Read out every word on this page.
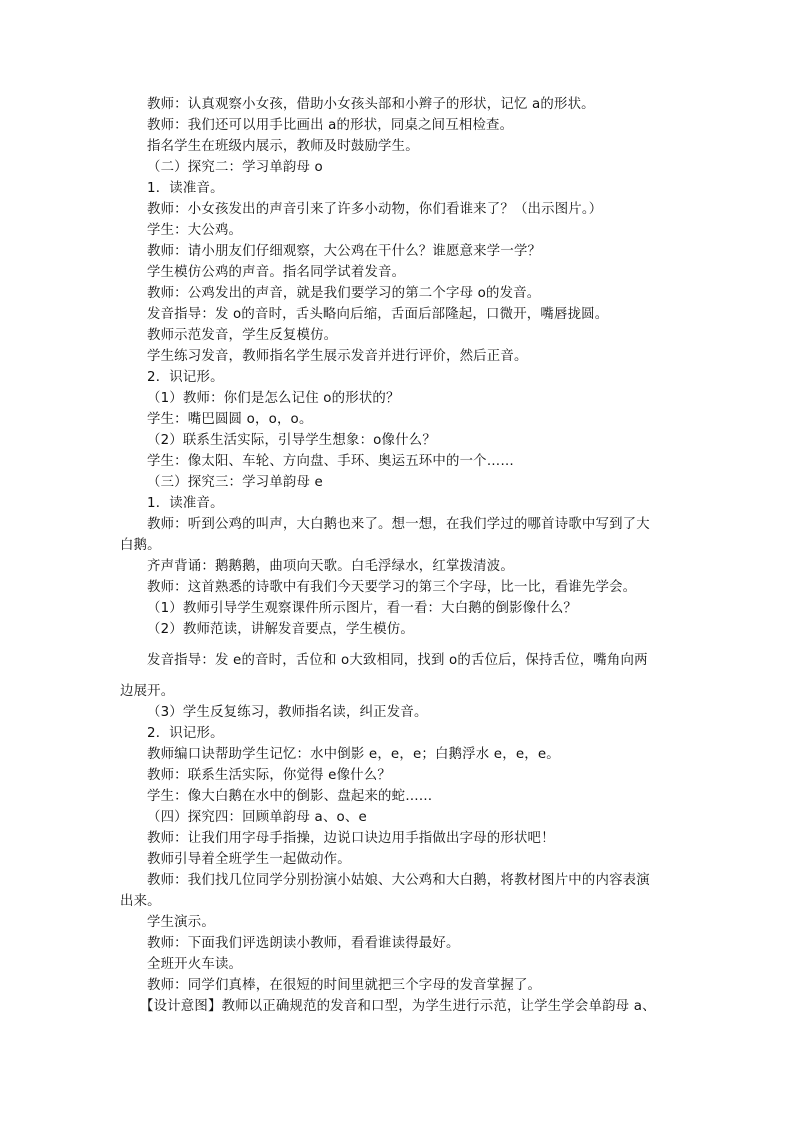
教师：认真观察小女孩，借助小女孩头部和小辫子的形状，记忆 a的形状。
教师：我们还可以用手比画出 a的形状，同桌之间互相检查。
指名学生在班级内展示，教师及时鼓励学生。
（二）探究二：学习单韵母 o
1．读准音。
教师：小女孩发出的声音引来了许多小动物，你们看谁来了？（出示图片。）
学生：大公鸡。
教师：请小朋友们仔细观察，大公鸡在干什么？谁愿意来学一学？
学生模仿公鸡的声音。指名同学试着发音。
教师：公鸡发出的声音，就是我们要学习的第二个字母 o的发音。
发音指导：发 o的音时，舌头略向后缩，舌面后部隆起，口微开，嘴唇拢圆。
教师示范发音，学生反复模仿。
学生练习发音，教师指名学生展示发音并进行评价，然后正音。
2．识记形。
（1）教师：你们是怎么记住 o的形状的？
学生：嘴巴圆圆 o，o，o。
（2）联系生活实际，引导学生想象：o像什么？
学生：像太阳、车轮、方向盘、手环、奥运五环中的一个……
（三）探究三：学习单韵母 e
1．读准音。
教师：听到公鸡的叫声，大白鹅也来了。想一想，在我们学过的哪首诗歌中写到了大
白鹅。
齐声背诵：鹅鹅鹅，曲项向天歌。白毛浮绿水，红掌拨清波。
教师：这首熟悉的诗歌中有我们今天要学习的第三个字母，比一比，看谁先学会。
（1）教师引导学生观察课件所示图片，看一看：大白鹅的倒影像什么？
（2）教师范读，讲解发音要点，学生模仿。
发音指导：发 e的音时，舌位和 o大致相同，找到 o的舌位后，保持舌位，嘴角向两
边展开。
（3）学生反复练习，教师指名读，纠正发音。
2．识记形。
教师编口诀帮助学生记忆：水中倒影 e，e，e；白鹅浮水 e，e，e。
教师：联系生活实际，你觉得 e像什么？
学生：像大白鹅在水中的倒影、盘起来的蛇……
（四）探究四：回顾单韵母 a、o、e
教师：让我们用字母手指操，边说口诀边用手指做出字母的形状吧！
教师引导着全班学生一起做动作。
教师：我们找几位同学分别扮演小姑娘、大公鸡和大白鹅，将教材图片中的内容表演
出来。
学生演示。
教师：下面我们评选朗读小教师，看看谁读得最好。
全班开火车读。
教师：同学们真棒，在很短的时间里就把三个字母的发音掌握了。
【设计意图】教师以正确规范的发音和口型，为学生进行示范，让学生学会单韵母 a、
